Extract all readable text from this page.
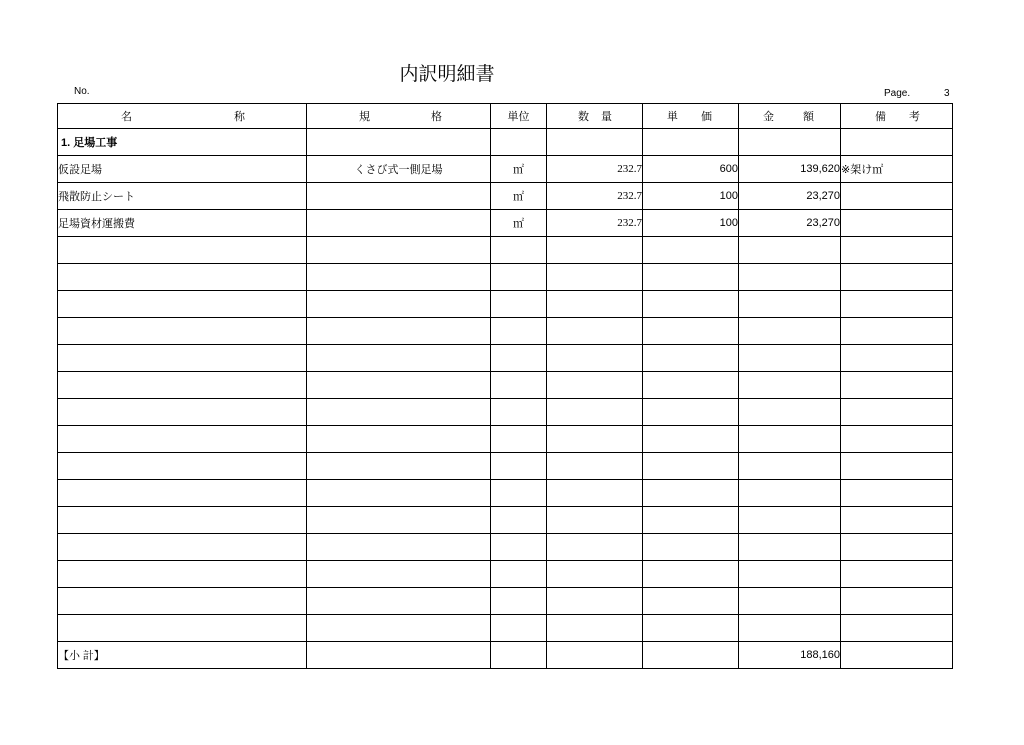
内訳明細書
No.	Page.	3
名 称	規 格	単位	数 量	単 価	金 額	備 考

1. 足場工事						
仮設足場	くさび式一側足場	㎡	232.7	600	139,620	※架け㎡
飛散防止シート		㎡	232.7	100	23,270	
足場資材運搬費		㎡	232.7	100	23,270	

【小 計】					188,160	
